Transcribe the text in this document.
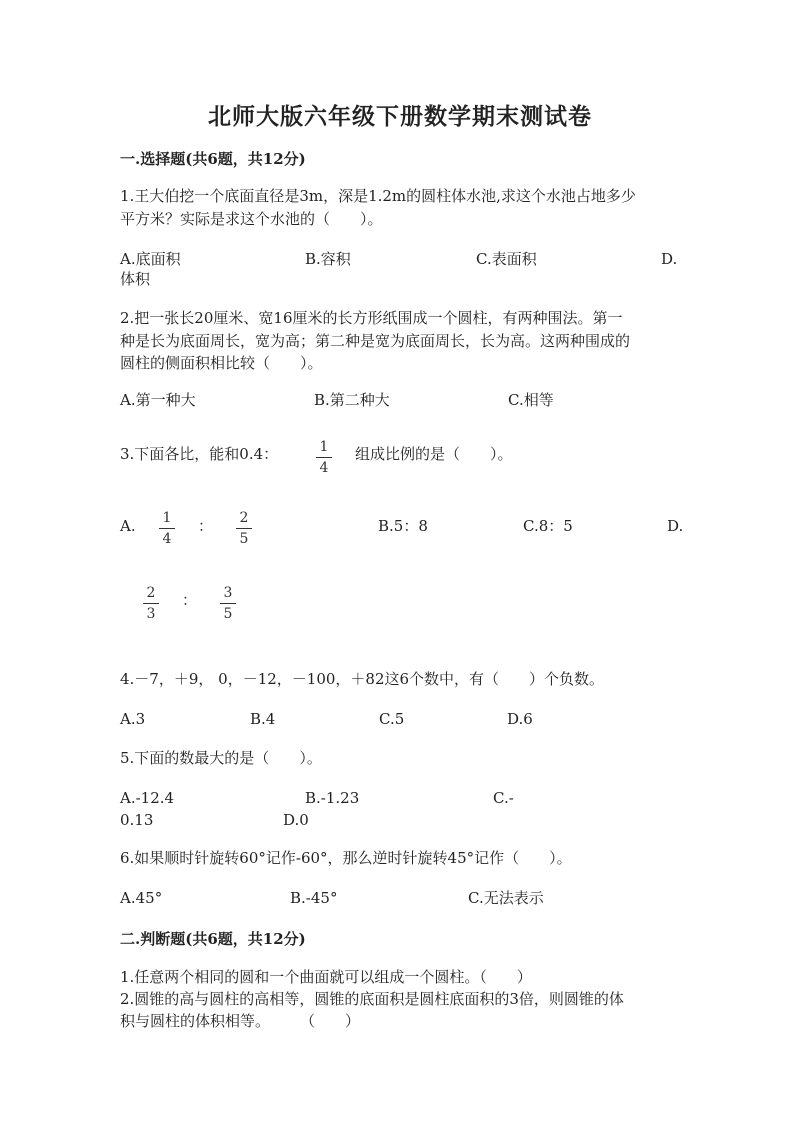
北师大版六年级下册数学期末测试卷
一.选择题(共6题，共12分)
1.王大伯挖一个底面直径是3m，深是1.2m的圆柱体水池,求这个水池占地多少
平方米？实际是求这个水池的（　　）。
A.底面积	B.容积	C.表面积	D.
体积
2.把一张长20厘米、宽16厘米的长方形纸围成一个圆柱，有两种围法。第一
种是长为底面周长，宽为高；第二种是宽为底面周长，长为高。这两种围成的
圆柱的侧面积相比较（　　）。
A.第一种大	B.第二种大	C.相等
3.下面各比，能和0.4：	1
4
组成比例的是（　　）。
A. 1
4
： 2
5
B.5：8	C.8：5	D.
2
3
： 3
5
4.－7，＋9， 0，－12，－100，＋82这6个数中，有（　　）个负数。
A.3	B.4	C.5	D.6
5.下面的数最大的是（　　）。
A.-12.4	B.-1.23	C.-
0.13	D.0
6.如果顺时针旋转60°记作-60°，那么逆时针旋转45°记作（　　）。
A.45°	B.-45°	C.无法表示
二.判断题(共6题，共12分)
1.任意两个相同的圆和一个曲面就可以组成一个圆柱。（　　）
2.圆锥的高与圆柱的高相等，圆锥的底面积是圆柱底面积的3倍，则圆锥的体
积与圆柱的体积相等。　　　（　　）
